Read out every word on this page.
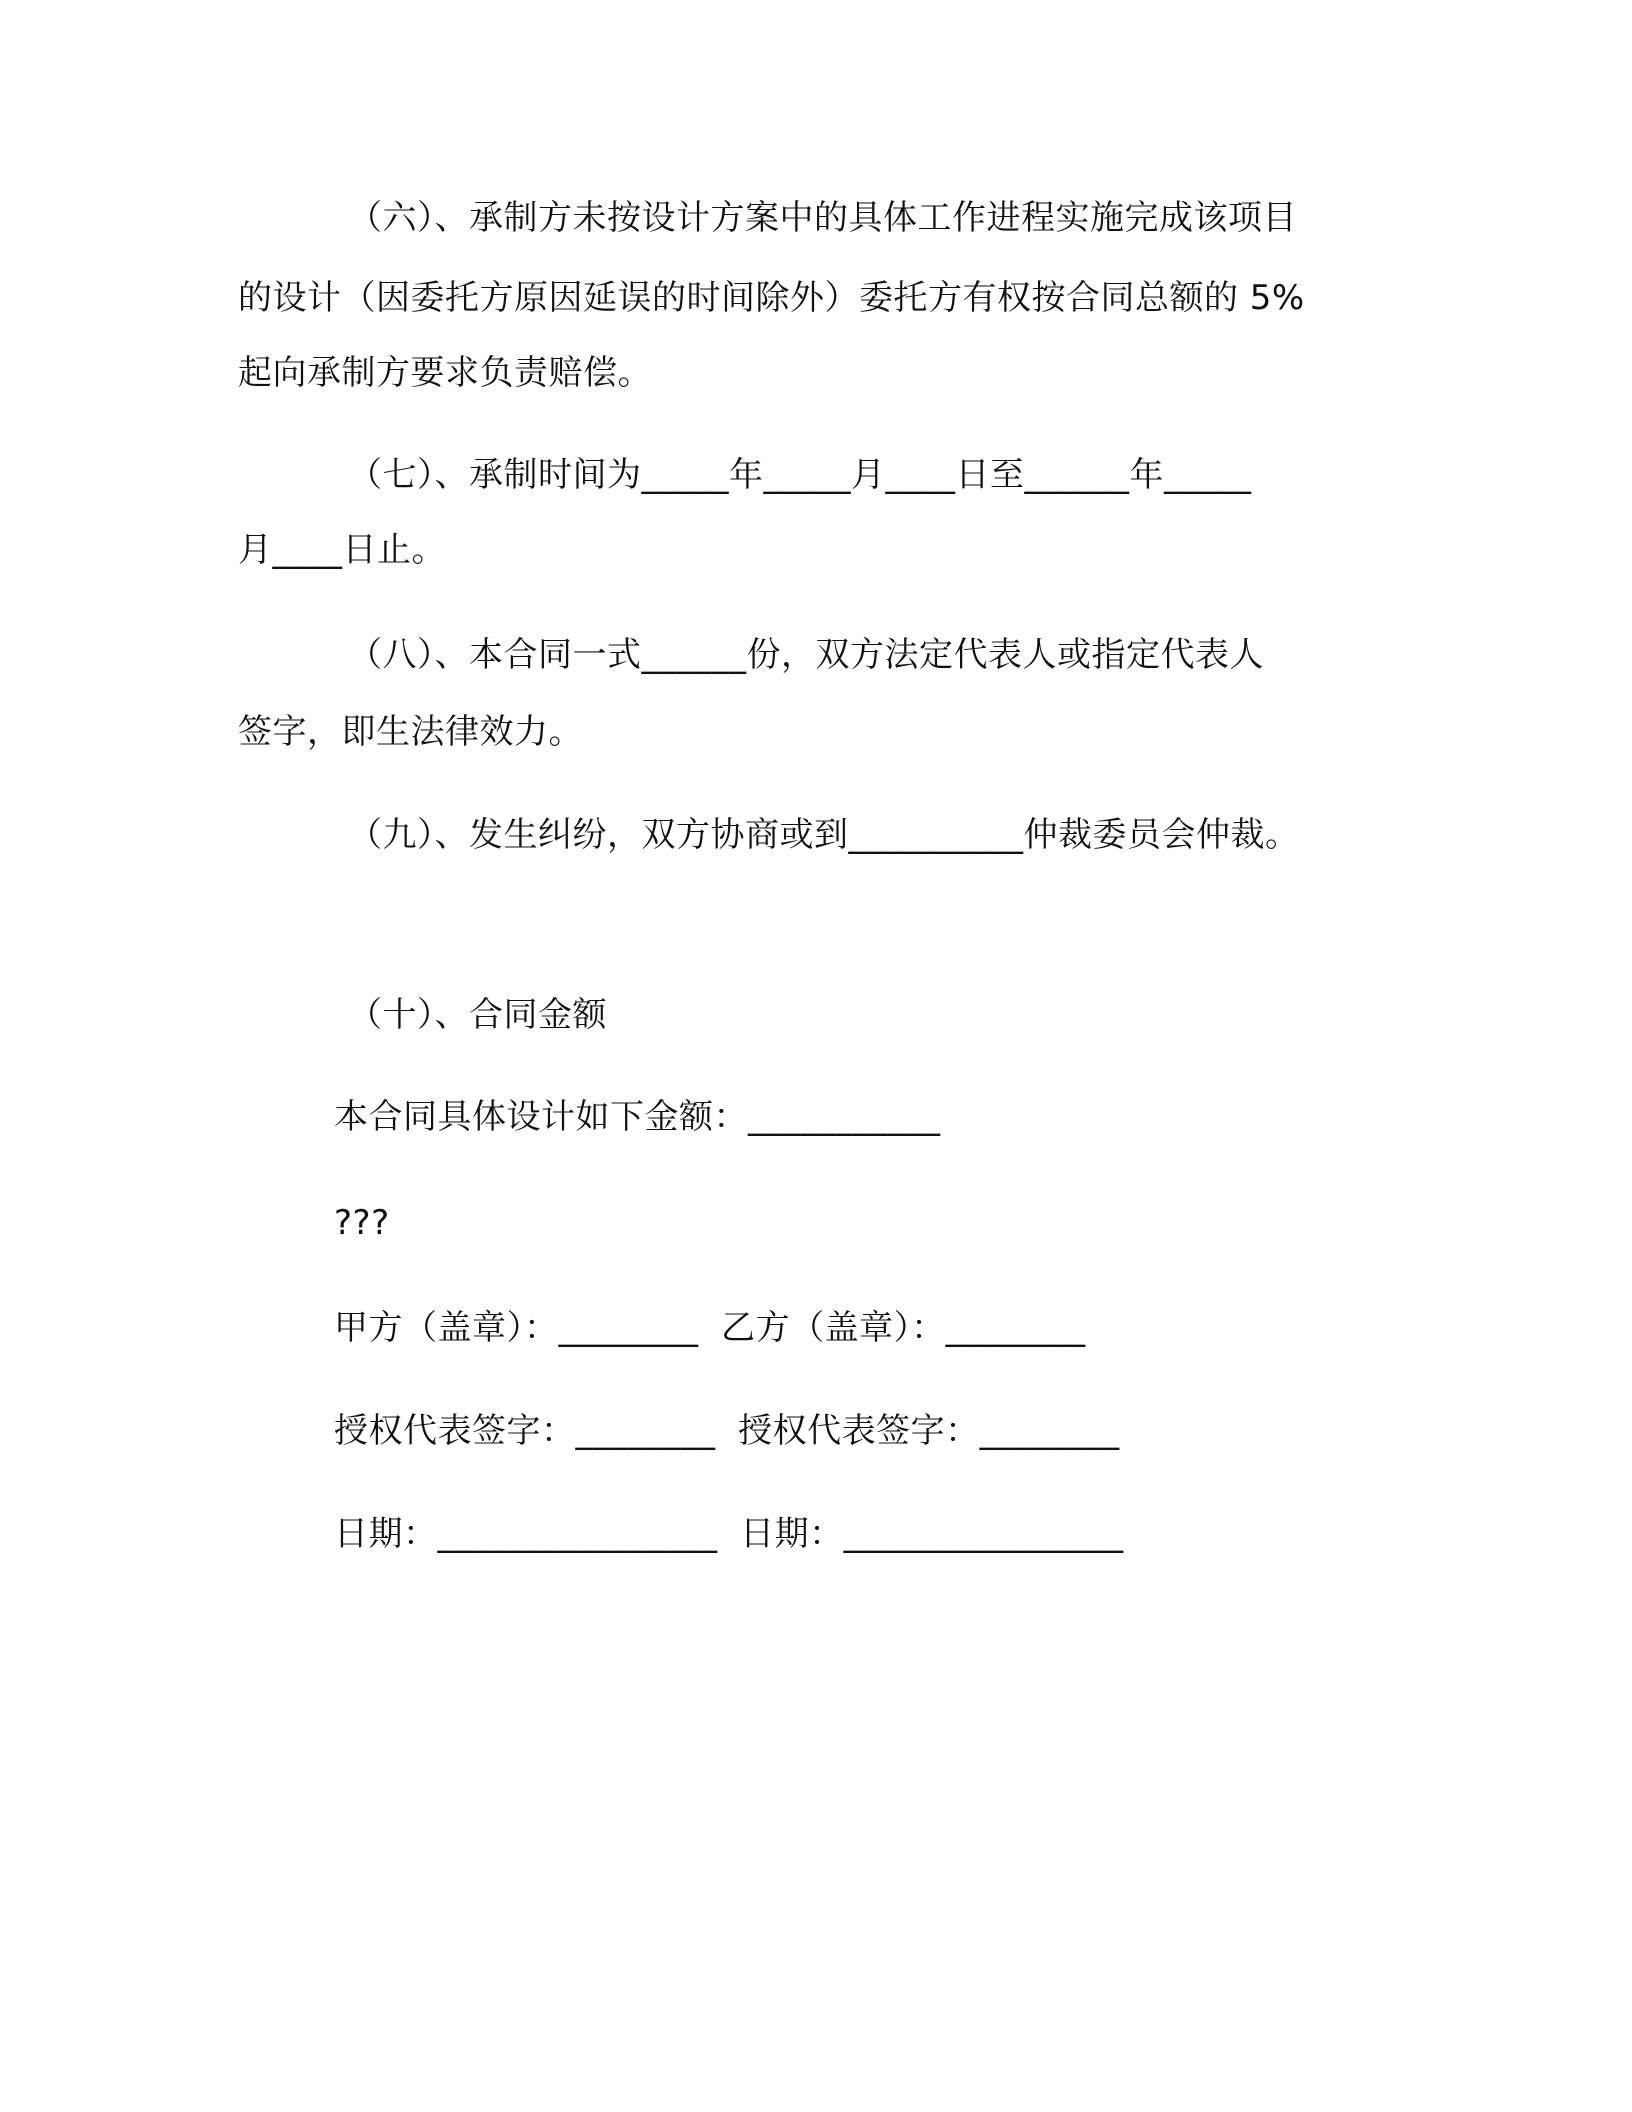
（六）、承制方未按设计方案中的具体工作进程实施完成该项目
的设计（因委托方原因延误的时间除外）委托方有权按合同总额的 5%
起向承制方要求负责赔偿。
（七）、承制时间为_____年_____月____日至______年_____
月____日止。
（八）、本合同一式______份，双方法定代表人或指定代表人
签字，即生法律效力。
（九）、发生纠纷，双方协商或到__________仲裁委员会仲裁。
（十）、合同金额
本合同具体设计如下金额：___________
???
甲方（盖章）：________  乙方（盖章）：________
授权代表签字：________  授权代表签字：________
日期：________________  日期：________________
